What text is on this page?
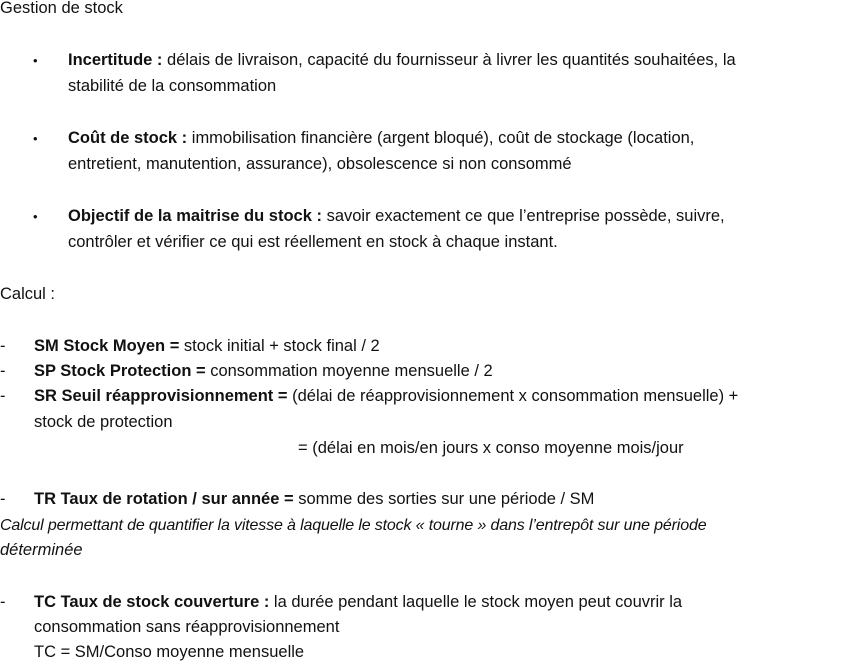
Gestion de stock
• Incertitude : délais de livraison, capacité du fournisseur à livrer les quantités souhaitées, la
stabilité de la consommation
• Coût de stock : immobilisation financière (argent bloqué), coût de stockage (location,
entretient, manutention, assurance), obsolescence si non consommé
• Objectif de la maitrise du stock : savoir exactement ce que l’entreprise possède, suivre,
contrôler et vérifier ce qui est réellement en stock à chaque instant.
Calcul :
- SM Stock Moyen = stock initial + stock final / 2
- SP Stock Protection = consommation moyenne mensuelle / 2
- SR Seuil réapprovisionnement = (délai de réapprovisionnement x consommation mensuelle) +
stock de protection
= (délai en mois/en jours x conso moyenne mois/jour
- TR Taux de rotation / sur année = somme des sorties sur une période / SM
Calcul permettant de quantifier la vitesse à laquelle le stock « tourne » dans l’entrepôt sur une période
déterminée
- TC Taux de stock couverture : la durée pendant laquelle le stock moyen peut couvrir la
consommation sans réapprovisionnement
TC = SM/Conso moyenne mensuelle
